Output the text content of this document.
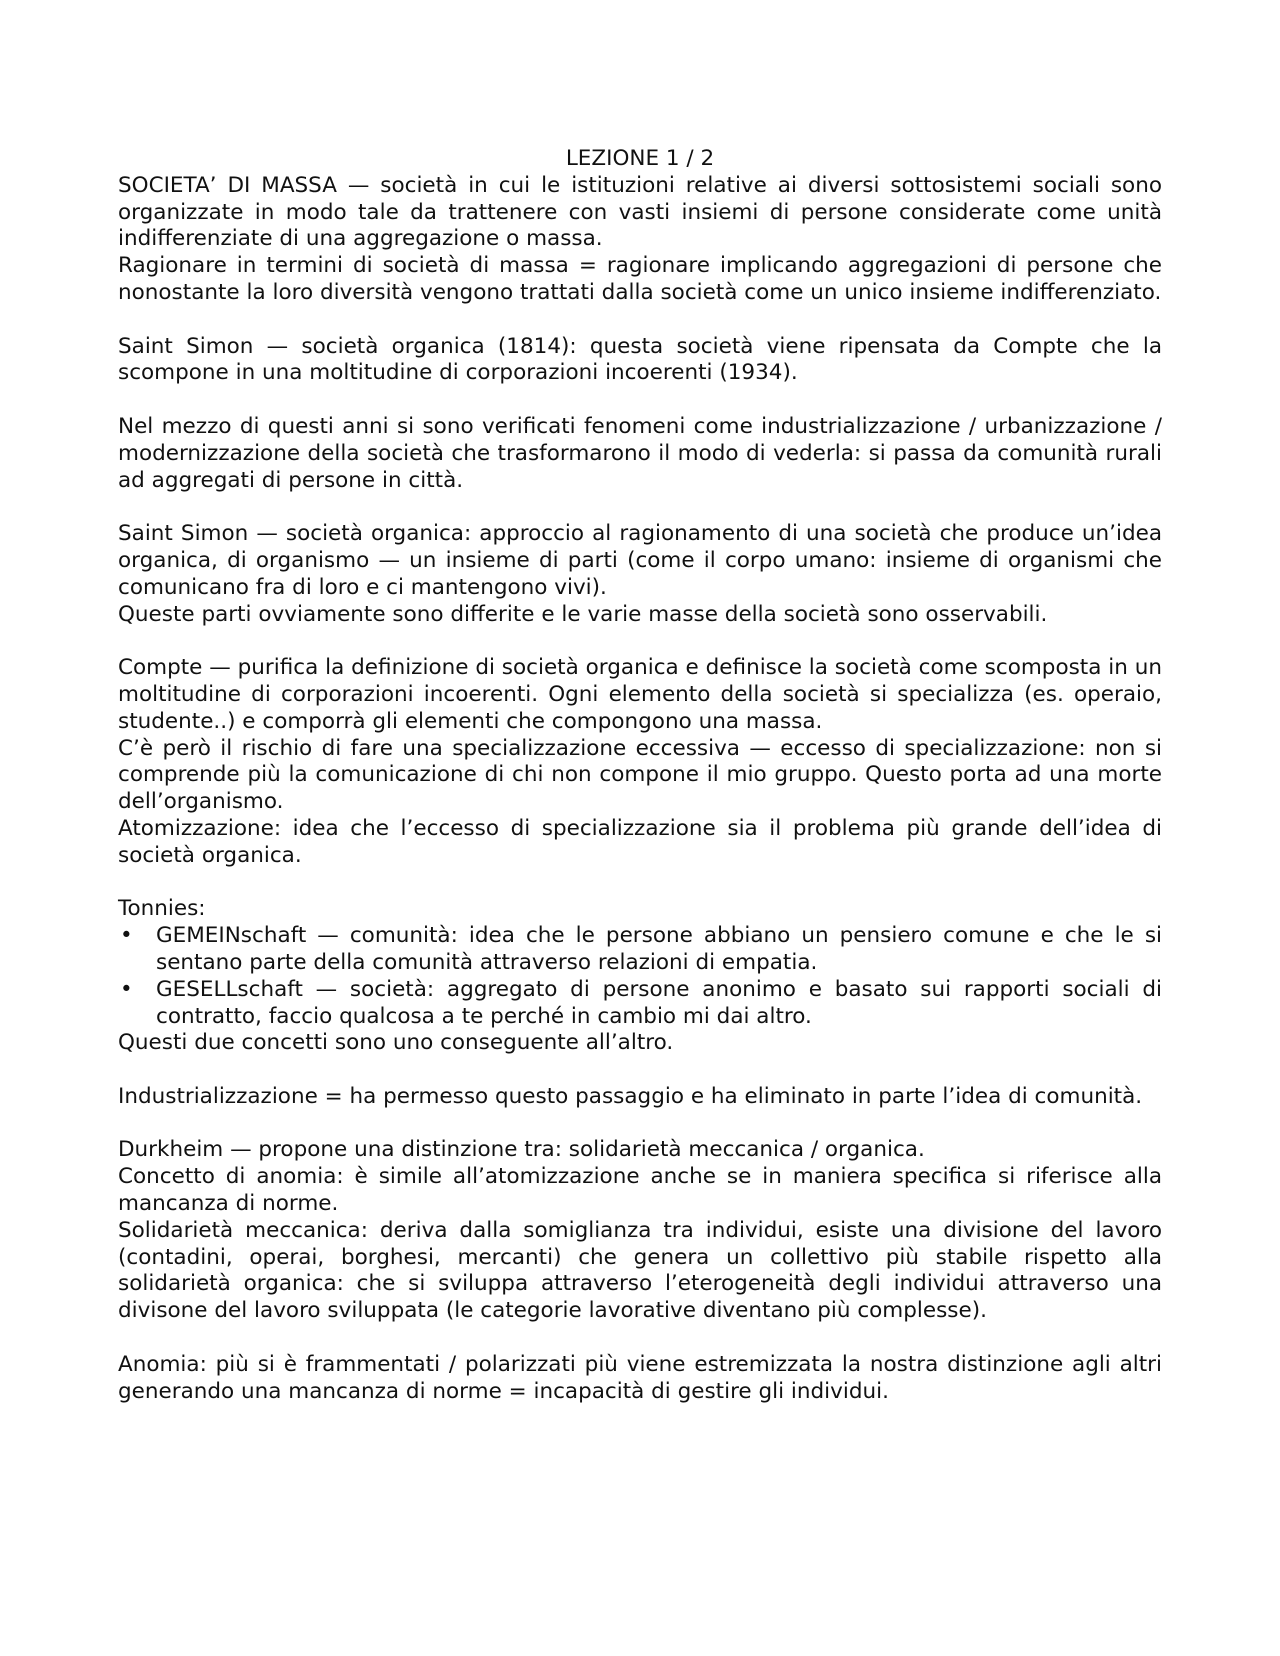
LEZIONE 1 / 2

SOCIETA’ DI MASSA — società in cui le istituzioni relative ai diversi sottosistemi sociali sono organizzate in modo tale da trattenere con vasti insiemi di persone considerate come unità indifferenziate di una aggregazione o massa.

Ragionare in termini di società di massa = ragionare implicando aggregazioni di persone che nonostante la loro diversità vengono trattati dalla società come un unico insieme indifferenziato.

Saint Simon — società organica (1814): questa società viene ripensata da Compte che la scompone in una moltitudine di corporazioni incoerenti (1934).

Nel mezzo di questi anni si sono verificati fenomeni come industrializzazione / urbanizzazione / modernizzazione della società che trasformarono il modo di vederla: si passa da comunità rurali ad aggregati di persone in città.

Saint Simon — società organica: approccio al ragionamento di una società che produce un’idea organica, di organismo — un insieme di parti (come il corpo umano: insieme di organismi che comunicano fra di loro e ci mantengono vivi).

Queste parti ovviamente sono differite e le varie masse della società sono osservabili.

Compte — purifica la definizione di società organica e definisce la società come scomposta in un moltitudine di corporazioni incoerenti. Ogni elemento della società si specializza (es. operaio, studente..) e comporrà gli elementi che compongono una massa.

C’è però il rischio di fare una specializzazione eccessiva — eccesso di specializzazione: non si comprende più la comunicazione di chi non compone il mio gruppo. Questo porta ad una morte dell’organismo.

Atomizzazione: idea che l’eccesso di specializzazione sia il problema più grande dell’idea di società organica.

Tonnies:

• GEMEINschaft — comunità: idea che le persone abbiano un pensiero comune e che le si sentano parte della comunità attraverso relazioni di empatia.
• GESELLschaft — società: aggregato di persone anonimo e basato sui rapporti sociali di contratto, faccio qualcosa a te perché in cambio mi dai altro.

Questi due concetti sono uno conseguente all’altro.

Industrializzazione = ha permesso questo passaggio e ha eliminato in parte l’idea di comunità.

Durkheim — propone una distinzione tra: solidarietà meccanica / organica.

Concetto di anomia: è simile all’atomizzazione anche se in maniera specifica si riferisce alla mancanza di norme.

Solidarietà meccanica: deriva dalla somiglianza tra individui, esiste una divisione del lavoro (contadini, operai, borghesi, mercanti) che genera un collettivo più stabile rispetto alla solidarietà organica: che si sviluppa attraverso l’eterogeneità degli individui attraverso una divisone del lavoro sviluppata (le categorie lavorative diventano più complesse).

Anomia: più si è frammentati / polarizzati più viene estremizzata la nostra distinzione agli altri generando una mancanza di norme = incapacità di gestire gli individui.
